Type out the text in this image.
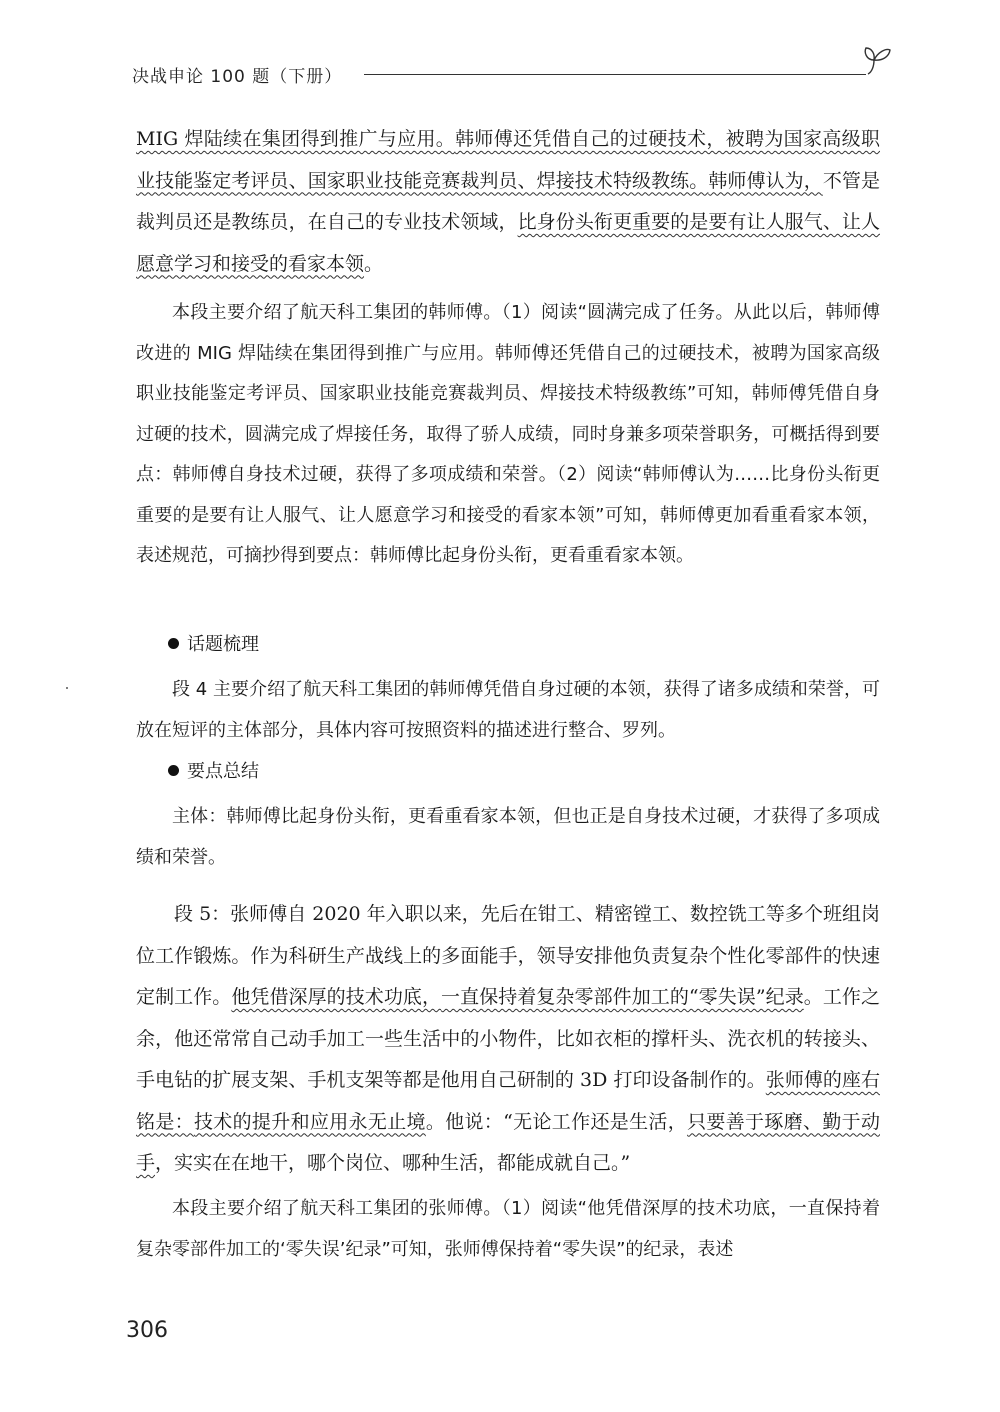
决战申论 100 题（下册）
MIG 焊陆续在集团得到推广与应用。韩师傅还凭借自己的过硬技术，被聘为国家高级职业技能鉴定考评员、国家职业技能竞赛裁判员、焊接技术特级教练。韩师傅认为，不管是裁判员还是教练员，在自己的专业技术领域，比身份头衔更重要的是要有让人服气、让人愿意学习和接受的看家本领。
本段主要介绍了航天科工集团的韩师傅。（1）阅读“圆满完成了任务。从此以后，韩师傅改进的 MIG 焊陆续在集团得到推广与应用。韩师傅还凭借自己的过硬技术，被聘为国家高级职业技能鉴定考评员、国家职业技能竞赛裁判员、焊接技术特级教练”可知，韩师傅凭借自身过硬的技术，圆满完成了焊接任务，取得了骄人成绩，同时身兼多项荣誉职务，可概括得到要点：韩师傅自身技术过硬，获得了多项成绩和荣誉。（2）阅读“韩师傅认为……比身份头衔更重要的是要有让人服气、让人愿意学习和接受的看家本领”可知，韩师傅更加看重看家本领，表述规范，可摘抄得到要点：韩师傅比起身份头衔，更看重看家本领。
话题梳理
段 4 主要介绍了航天科工集团的韩师傅凭借自身过硬的本领，获得了诸多成绩和荣誉，可放在短评的主体部分，具体内容可按照资料的描述进行整合、罗列。
要点总结
主体：韩师傅比起身份头衔，更看重看家本领，但也正是自身技术过硬，才获得了多项成绩和荣誉。
段 5：张师傅自 2020 年入职以来，先后在钳工、精密镗工、数控铣工等多个班组岗位工作锻炼。作为科研生产战线上的多面能手，领导安排他负责复杂个性化零部件的快速定制工作。他凭借深厚的技术功底，一直保持着复杂零部件加工的“零失误”纪录。工作之余，他还常常自己动手加工一些生活中的小物件，比如衣柜的撑杆头、洗衣机的转接头、手电钻的扩展支架、手机支架等都是他用自己研制的 3D 打印设备制作的。张师傅的座右铭是：技术的提升和应用永无止境。他说：“无论工作还是生活，只要善于琢磨、勤于动手，实实在在地干，哪个岗位、哪种生活，都能成就自己。”
本段主要介绍了航天科工集团的张师傅。（1）阅读“他凭借深厚的技术功底，一直保持着复杂零部件加工的‘零失误’纪录”可知，张师傅保持着“零失误”的纪录，表述
306
